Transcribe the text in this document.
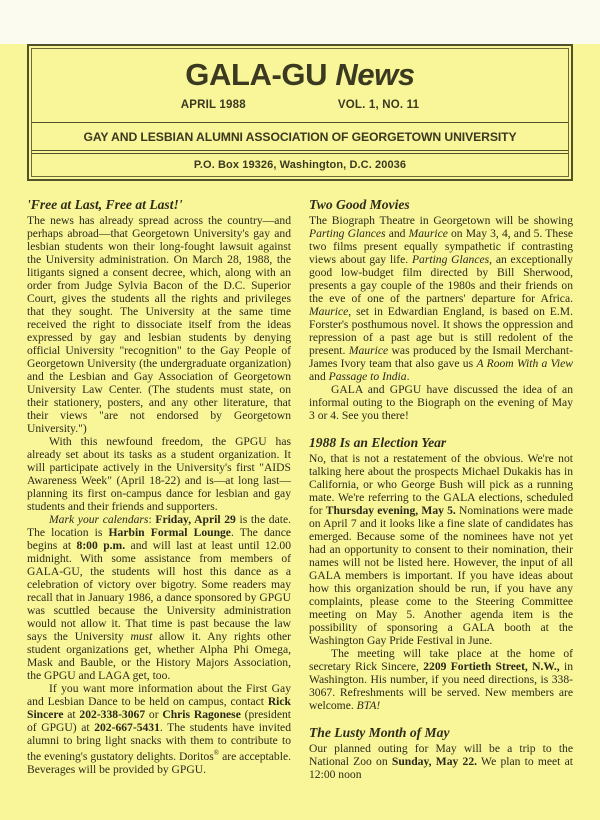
GALA-GU News
APRIL 1988	VOL. 1, NO. 11
GAY AND LESBIAN ALUMNI ASSOCIATION OF GEORGETOWN UNIVERSITY
P.O. Box 19326, Washington, D.C. 20036
'Free at Last, Free at Last!'

The news has already spread across the country—and perhaps abroad—that Georgetown University's gay and lesbian students won their long-fought lawsuit against the University administration. On March 28, 1988, the litigants signed a consent decree, which, along with an order from Judge Sylvia Bacon of the D.C. Superior Court, gives the students all the rights and privileges that they sought. The University at the same time received the right to dissociate itself from the ideas expressed by gay and lesbian students by denying official University "recognition" to the Gay People of Georgetown University (the undergraduate organization) and the Lesbian and Gay Association of Georgetown University Law Center. (The students must state, on their stationery, posters, and any other literature, that their views "are not endorsed by Georgetown University.")

With this newfound freedom, the GPGU has already set about its tasks as a student organization. It will participate actively in the University's first "AIDS Awareness Week" (April 18-22) and is—at long last—planning its first on-campus dance for lesbian and gay students and their friends and supporters.

Mark your calendars: Friday, April 29 is the date. The location is Harbin Formal Lounge. The dance begins at 8:00 p.m. and will last at least until 12.00 midnight. With some assistance from members of GALA-GU, the students will host this dance as a celebration of victory over bigotry. Some readers may recall that in January 1986, a dance sponsored by GPGU was scuttled because the University administration would not allow it. That time is past because the law says the University must allow it. Any rights other student organizations get, whether Alpha Phi Omega, Mask and Bauble, or the History Majors Association, the GPGU and LAGA get, too.

If you want more information about the First Gay and Lesbian Dance to be held on campus, contact Rick Sincere at 202-338-3067 or Chris Ragonese (president of GPGU) at 202-667-5431. The students have invited alumni to bring light snacks with them to contribute to the evening's gustatory delights. Doritos® are acceptable. Beverages will be provided by GPGU.

Two Good Movies

The Biograph Theatre in Georgetown will be showing Parting Glances and Maurice on May 3, 4, and 5. These two films present equally sympathetic if contrasting views about gay life. Parting Glances, an exceptionally good low-budget film directed by Bill Sherwood, presents a gay couple of the 1980s and their friends on the eve of one of the partners' departure for Africa. Maurice, set in Edwardian England, is based on E.M. Forster's posthumous novel. It shows the oppression and repression of a past age but is still redolent of the present. Maurice was produced by the Ismail Merchant-James Ivory team that also gave us A Room With a View and Passage to India.

GALA and GPGU have discussed the idea of an informal outing to the Biograph on the evening of May 3 or 4. See you there!

1988 Is an Election Year

No, that is not a restatement of the obvious. We're not talking here about the prospects Michael Dukakis has in California, or who George Bush will pick as a running mate. We're referring to the GALA elections, scheduled for Thursday evening, May 5. Nominations were made on April 7 and it looks like a fine slate of candidates has emerged. Because some of the nominees have not yet had an opportunity to consent to their nomination, their names will not be listed here. However, the input of all GALA members is important. If you have ideas about how this organization should be run, if you have any complaints, please come to the Steering Committee meeting on May 5. Another agenda item is the possibility of sponsoring a GALA booth at the Washington Gay Pride Festival in June.

The meeting will take place at the home of secretary Rick Sincere, 2209 Fortieth Street, N.W., in Washington. His number, if you need directions, is 338-3067. Refreshments will be served. New members are welcome. BTA!

The Lusty Month of May

Our planned outing for May will be a trip to the National Zoo on Sunday, May 22. We plan to meet at 12:00 noon
